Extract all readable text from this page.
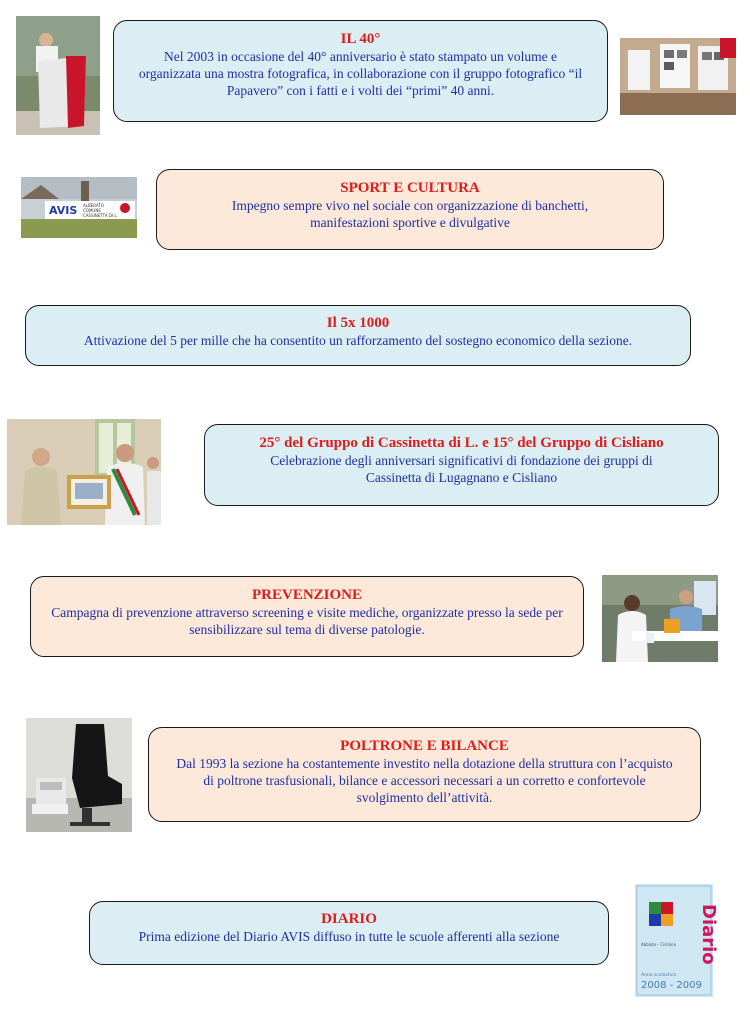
IL 40°
Nel 2003 in occasione del 40° anniversario è stato stampato un volume e organizzata una mostra fotografica, in collaborazione con il gruppo fotografico “il Papavero” con i fatti e i volti dei “primi” 40 anni.
AVIS ALBERATO
COMUNE
CASSINETTA DI L.
SPORT E CULTURA
Impegno sempre vivo nel sociale con organizzazione di banchetti, manifestazioni sportive e divulgative
Il 5x 1000
Attivazione del 5 per mille che ha consentito un rafforzamento del sostegno economico della sezione.
25° del Gruppo di Cassinetta di L. e 15° del Gruppo di Cisliano
Celebrazione degli anniversari significativi di fondazione dei gruppi di Cassinetta di Lugagnano e Cisliano
PREVENZIONE
Campagna di prevenzione attraverso screening e visite mediche, organizzate presso la sede per sensibilizzare sul tema di diverse patologie.
POLTRONE E BILANCE
Dal 1993 la sezione ha costantemente investito nella dotazione della struttura con l’acquisto di poltrone trasfusionali, bilance e accessori necessari a un corretto e confortevole svolgimento dell’attività.
DIARIO
Prima edizione del Diario AVIS diffuso in tutte le scuole afferenti alla sezione	Diario
Abbiate - Cisliano
Anno scolastico
2008 - 2009
